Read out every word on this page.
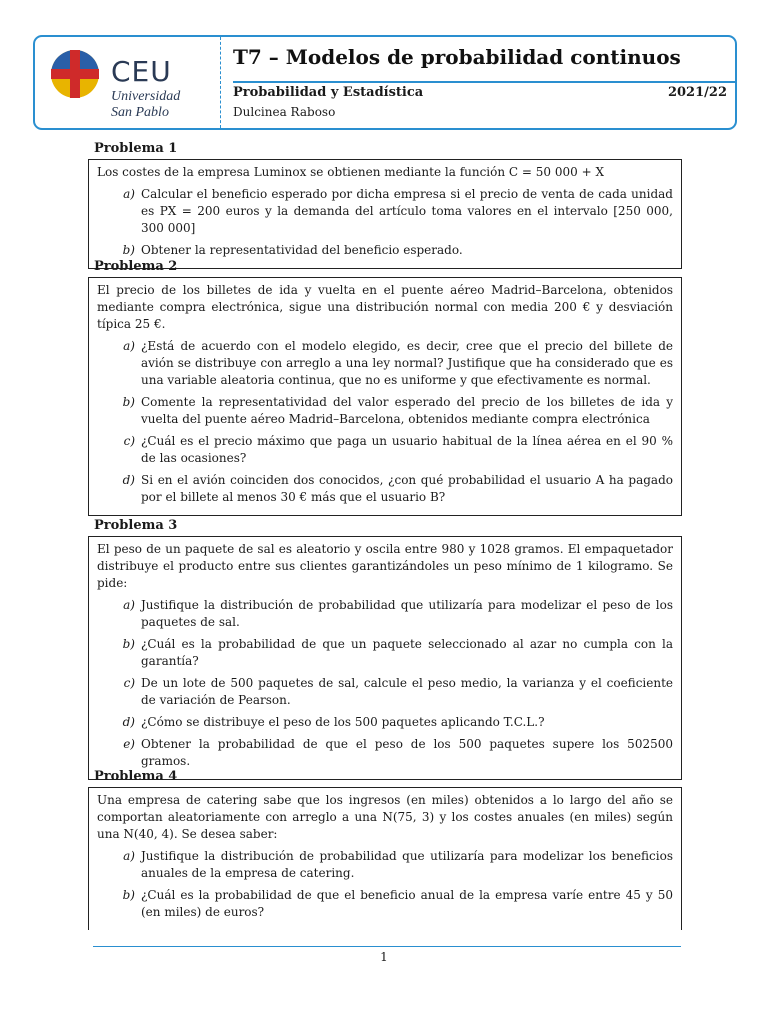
CEU
Universidad
San Pablo
T7 – Modelos de probabilidad continuos
Probabilidad y Estadística	2021/22
Dulcinea Raboso
Problema 1

Los costes de la empresa Luminox se obtienen mediante la función C = 50 000 + X

a) Calcular el beneficio esperado por dicha empresa si el precio de venta de cada unidad es PX = 200 euros y la demanda del artículo toma valores en el intervalo [250 000, 300 000]
b) Obtener la representatividad del beneficio esperado.
Problema 2

El precio de los billetes de ida y vuelta en el puente aéreo Madrid–Barcelona, obtenidos mediante compra electrónica, sigue una distribución normal con media 200 € y desviación típica 25 €.

a) ¿Está de acuerdo con el modelo elegido, es decir, cree que el precio del billete de avión se distribuye con arreglo a una ley normal? Justifique que ha considerado que es una variable aleatoria continua, que no es uniforme y que efectivamente es normal.
b) Comente la representatividad del valor esperado del precio de los billetes de ida y vuelta del puente aéreo Madrid–Barcelona, obtenidos mediante compra electrónica
c) ¿Cuál es el precio máximo que paga un usuario habitual de la línea aérea en el 90 % de las ocasiones?
d) Si en el avión coinciden dos conocidos, ¿con qué probabilidad el usuario A ha pagado por el billete al menos 30 € más que el usuario B?
Problema 3

El peso de un paquete de sal es aleatorio y oscila entre 980 y 1028 gramos. El empaquetador distribuye el producto entre sus clientes garantizándoles un peso mínimo de 1 kilogramo. Se pide:

a) Justifique la distribución de probabilidad que utilizaría para modelizar el peso de los paquetes de sal.
b) ¿Cuál es la probabilidad de que un paquete seleccionado al azar no cumpla con la garantía?
c) De un lote de 500 paquetes de sal, calcule el peso medio, la varianza y el coeficiente de variación de Pearson.
d) ¿Cómo se distribuye el peso de los 500 paquetes aplicando T.C.L.?
e) Obtener la probabilidad de que el peso de los 500 paquetes supere los 502500 gramos.
Problema 4

Una empresa de catering sabe que los ingresos (en miles) obtenidos a lo largo del año se comportan aleatoriamente con arreglo a una N(75, 3) y los costes anuales (en miles) según una N(40, 4). Se desea saber:

a) Justifique la distribución de probabilidad que utilizaría para modelizar los beneficios anuales de la empresa de catering.
b) ¿Cuál es la probabilidad de que el beneficio anual de la empresa varíe entre 45 y 50 (en miles) de euros?
1
